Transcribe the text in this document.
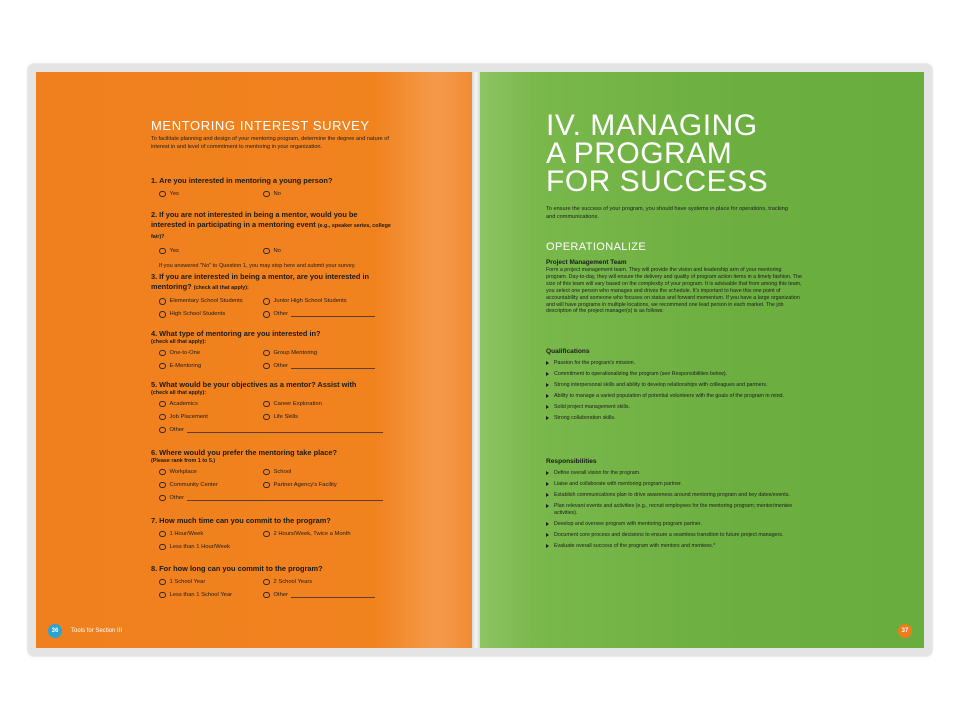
MENTORING INTEREST SURVEY
To facilitate planning and design of your mentoring program, determine the degree and nature of interest in and level of commitment to mentoring in your organization.
1. Are you interested in mentoring a young person?
Yes	No
2. If you are not interested in being a mentor, would you be interested in participating in a mentoring event (e.g., speaker series, college fair)?
Yes	No
If you answered "No" to Question 1, you may stop here and submit your survey.
3. If you are interested in being a mentor, are you interested in mentoring? (check all that apply):
Elementary School Students	Junior High School Students
High School Students	Other
4. What type of mentoring are you interested in?
(check all that apply):
One-to-One	Group Mentoring
E-Mentoring	Other
5. What would be your objectives as a mentor? Assist with
(check all that apply):
Academics	Career Exploration
Job Placement	Life Skills
Other
6. Where would you prefer the mentoring take place?
(Please rank from 1 to 5.)
Workplace	School
Community Center	Partner Agency's Facility
Other
7. How much time can you commit to the program?
1 Hour/Week	2 Hours/Week, Twice a Month
Less than 1 Hour/Week
8. For how long can you commit to the program?
1 School Year	2 School Years
Less than 1 School Year	Other
36	Tools for Section III
IV. MANAGING
A PROGRAM
FOR SUCCESS
To ensure the success of your program, you should have systems in place for operations, tracking and communications.
OPERATIONALIZE
Project Management Team
Form a project management team. They will provide the vision and leadership arm of your mentoring program. Day-to-day, they will ensure the delivery and quality of program action items in a timely fashion. The size of this team will vary based on the complexity of your program. It is advisable that from among this team, you select one person who manages and drives the schedule. It's important to have this one point of accountability and someone who focuses on status and forward momentum. If you have a large organization and will have programs in multiple locations, we recommend one lead person in each market. The job description of the project manager(s) is as follows:
Qualifications
Passion for the program's mission.
Commitment to operationalizing the program (see Responsibilities below).
Strong interpersonal skills and ability to develop relationships with colleagues and partners.
Ability to manage a varied population of potential volunteers with the goals of the program in mind.
Solid project management skills.
Strong collaboration skills.
Responsibilities
Define overall vision for the program.
Liaise and collaborate with mentoring program partner.
Establish communications plan to drive awareness around mentoring program and key dates/events.
Plan relevant events and activities (e.g., recruit employees for the mentoring program; mentor/mentee activities).
Develop and oversee program with mentoring program partner.
Document core process and decisions to ensure a seamless transition to future project managers.
Evaluate overall success of the program with mentors and mentees.*
37
